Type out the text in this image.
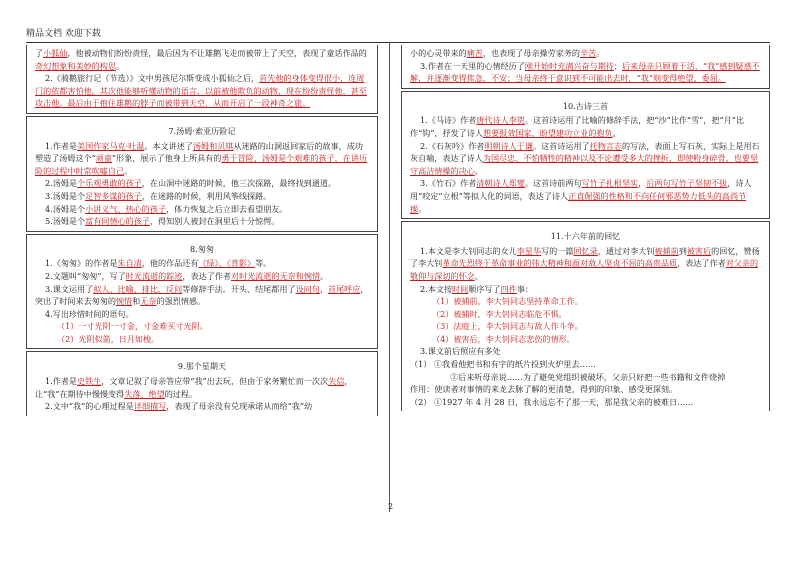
精品文档 欢迎下载

了小狐仙，他被动物们纷纷责怪，最后因为不让雄鹅飞走而被带上了天空，表现了童话作品的奇幻想象和美妙的构思。

2.《骑鹅旅行记（节选）》文中男孩尼尔斯变成小狐仙之后，首先他的身体变得很小，连周门的依都害怕他。其次他能够听懂动物的语言，以前被他欺负的动物，现在纷纷责怪他，甚至攻击他。最后由于抱住雄鹅的脖子而被带到天空，从而开启了一段神奇之旅。

7.汤姆·索亚历险记

1.作者是美国作家马克·吐温。本文讲述了汤姆和贝琪从迷路的山洞返回家后的故事，成功塑造了汤姆这个“顽童”形象，展示了他身上所具有的勇于冒险、汤姆是个艰难的孩子，在讲历险的过程中时常吹嘘自己。

2.汤姆是个乐观勇敢的孩子，在山洞中迷路的时候，他三次探路，最终找到通道。

3.汤姆是个足智多谋的孩子，在迷路的时候，利用风筝线探路。

4.汤姆是个小讲义气、热心的孩子，体力恢复之后立即去看望朋友。

5.汤姆是个富有同情心的孩子，得知别人被封在洞里后十分惊愕。

8.匆匆

1.《匆匆》的作者是朱自清，他的作品还有《绿》、《背影》等。

2.文题叫“匆匆”，写了时光流逝的踪迹，表达了作者对时光流逝的无奈和惋惜。

3.课文运用了拟人、比喻、排比、反问等修辞手法。开头、结尾都用了设问句，首尾呼应，突出了时间来去匆匆的惋惜和无奈的强烈情感。

4.写出珍惜时间的语句。

（1）一寸光阴一寸金，寸金难买寸光阴。

（2）光阴似箭，日月如梭。

9.那个星期天

1.作者是史铁生，文章记叙了母亲答应带“我”出去玩，但由于家务繁忙而一次次失信，让“我”在期待中慢慢变得失落、绝望的过程。

2.文中“我”的心理过程是详细描写，表现了母亲没有兑现承诺从而给“我”幼

小的心灵带来的痛苦，也表现了母亲操劳家务的辛苦。

3.作者在一天里的心情经历了刚开始时充满兴奋与期待；后来母亲只顾着干活，“我”感到疑惑不解，并逐渐变得焦急、不安；当母亲终于意识到不可能出去时，“我”则变得绝望、委屈。

10.古诗三首

1.《马诗》作者唐代诗人李贺。这首诗运用了比喻的修辞手法，把“沙”比作“雪”，把“月”比作“钩”，抒发了诗人想要报效国家，盼望建功立业的抱负。

2.《石灰吟》作者明朝诗人于谦。这首诗运用了托物言志的写法，表面上写石灰，实际上是用石灰自喻，表达了诗人为国尽忠、不怕牺牲的精神以及不论遭受多大的挫折，即使粉身碎骨，也要坚守高洁情操的决心。

3.《竹石》作者清朝诗人郑燮。这首诗前两句写竹子扎根坚实，后两句写竹子坚韧不拔，诗人用“咬定”立根”等拟人化的词语，表达了诗人正直倔强的性格和不向任何邪恶势力低头的高尚节操。

11.十六年前的回忆

1.本文是李大钊同志的女儿李星华写的一篇回忆录，通过对李大钊被捕前到被害后的回忆，赞扬了李大钊革命先烈终于革命事业的伟大精神和面对敌人坚贞不屈的高贵品质，表达了作者对父亲的敬仰与深切的怀念。

2.本文按时间顺序写了四件事：

（1）被捕前，李大钊同志坚持革命工作。

（2）被捕时，李大钊同志临危不惧。

（3）法庭上，李大钊同志与敌人作斗争。

（4）被害后，李大钊同志悲伤的情形。

3.课文前后照应有多处

（1） ①我看他把书和有字的纸片投到火炉里去……

②后来听母亲说……为了避免党组织被破坏，父亲只好把一些书籍和文件烧掉

作用：使读者对事情的来龙去脉了解的更清楚，得到的印象、感受更深刻。

（2） ①1927 年 4 月 28 日，我永远忘不了那一天，那是我父亲的被难日……

2
